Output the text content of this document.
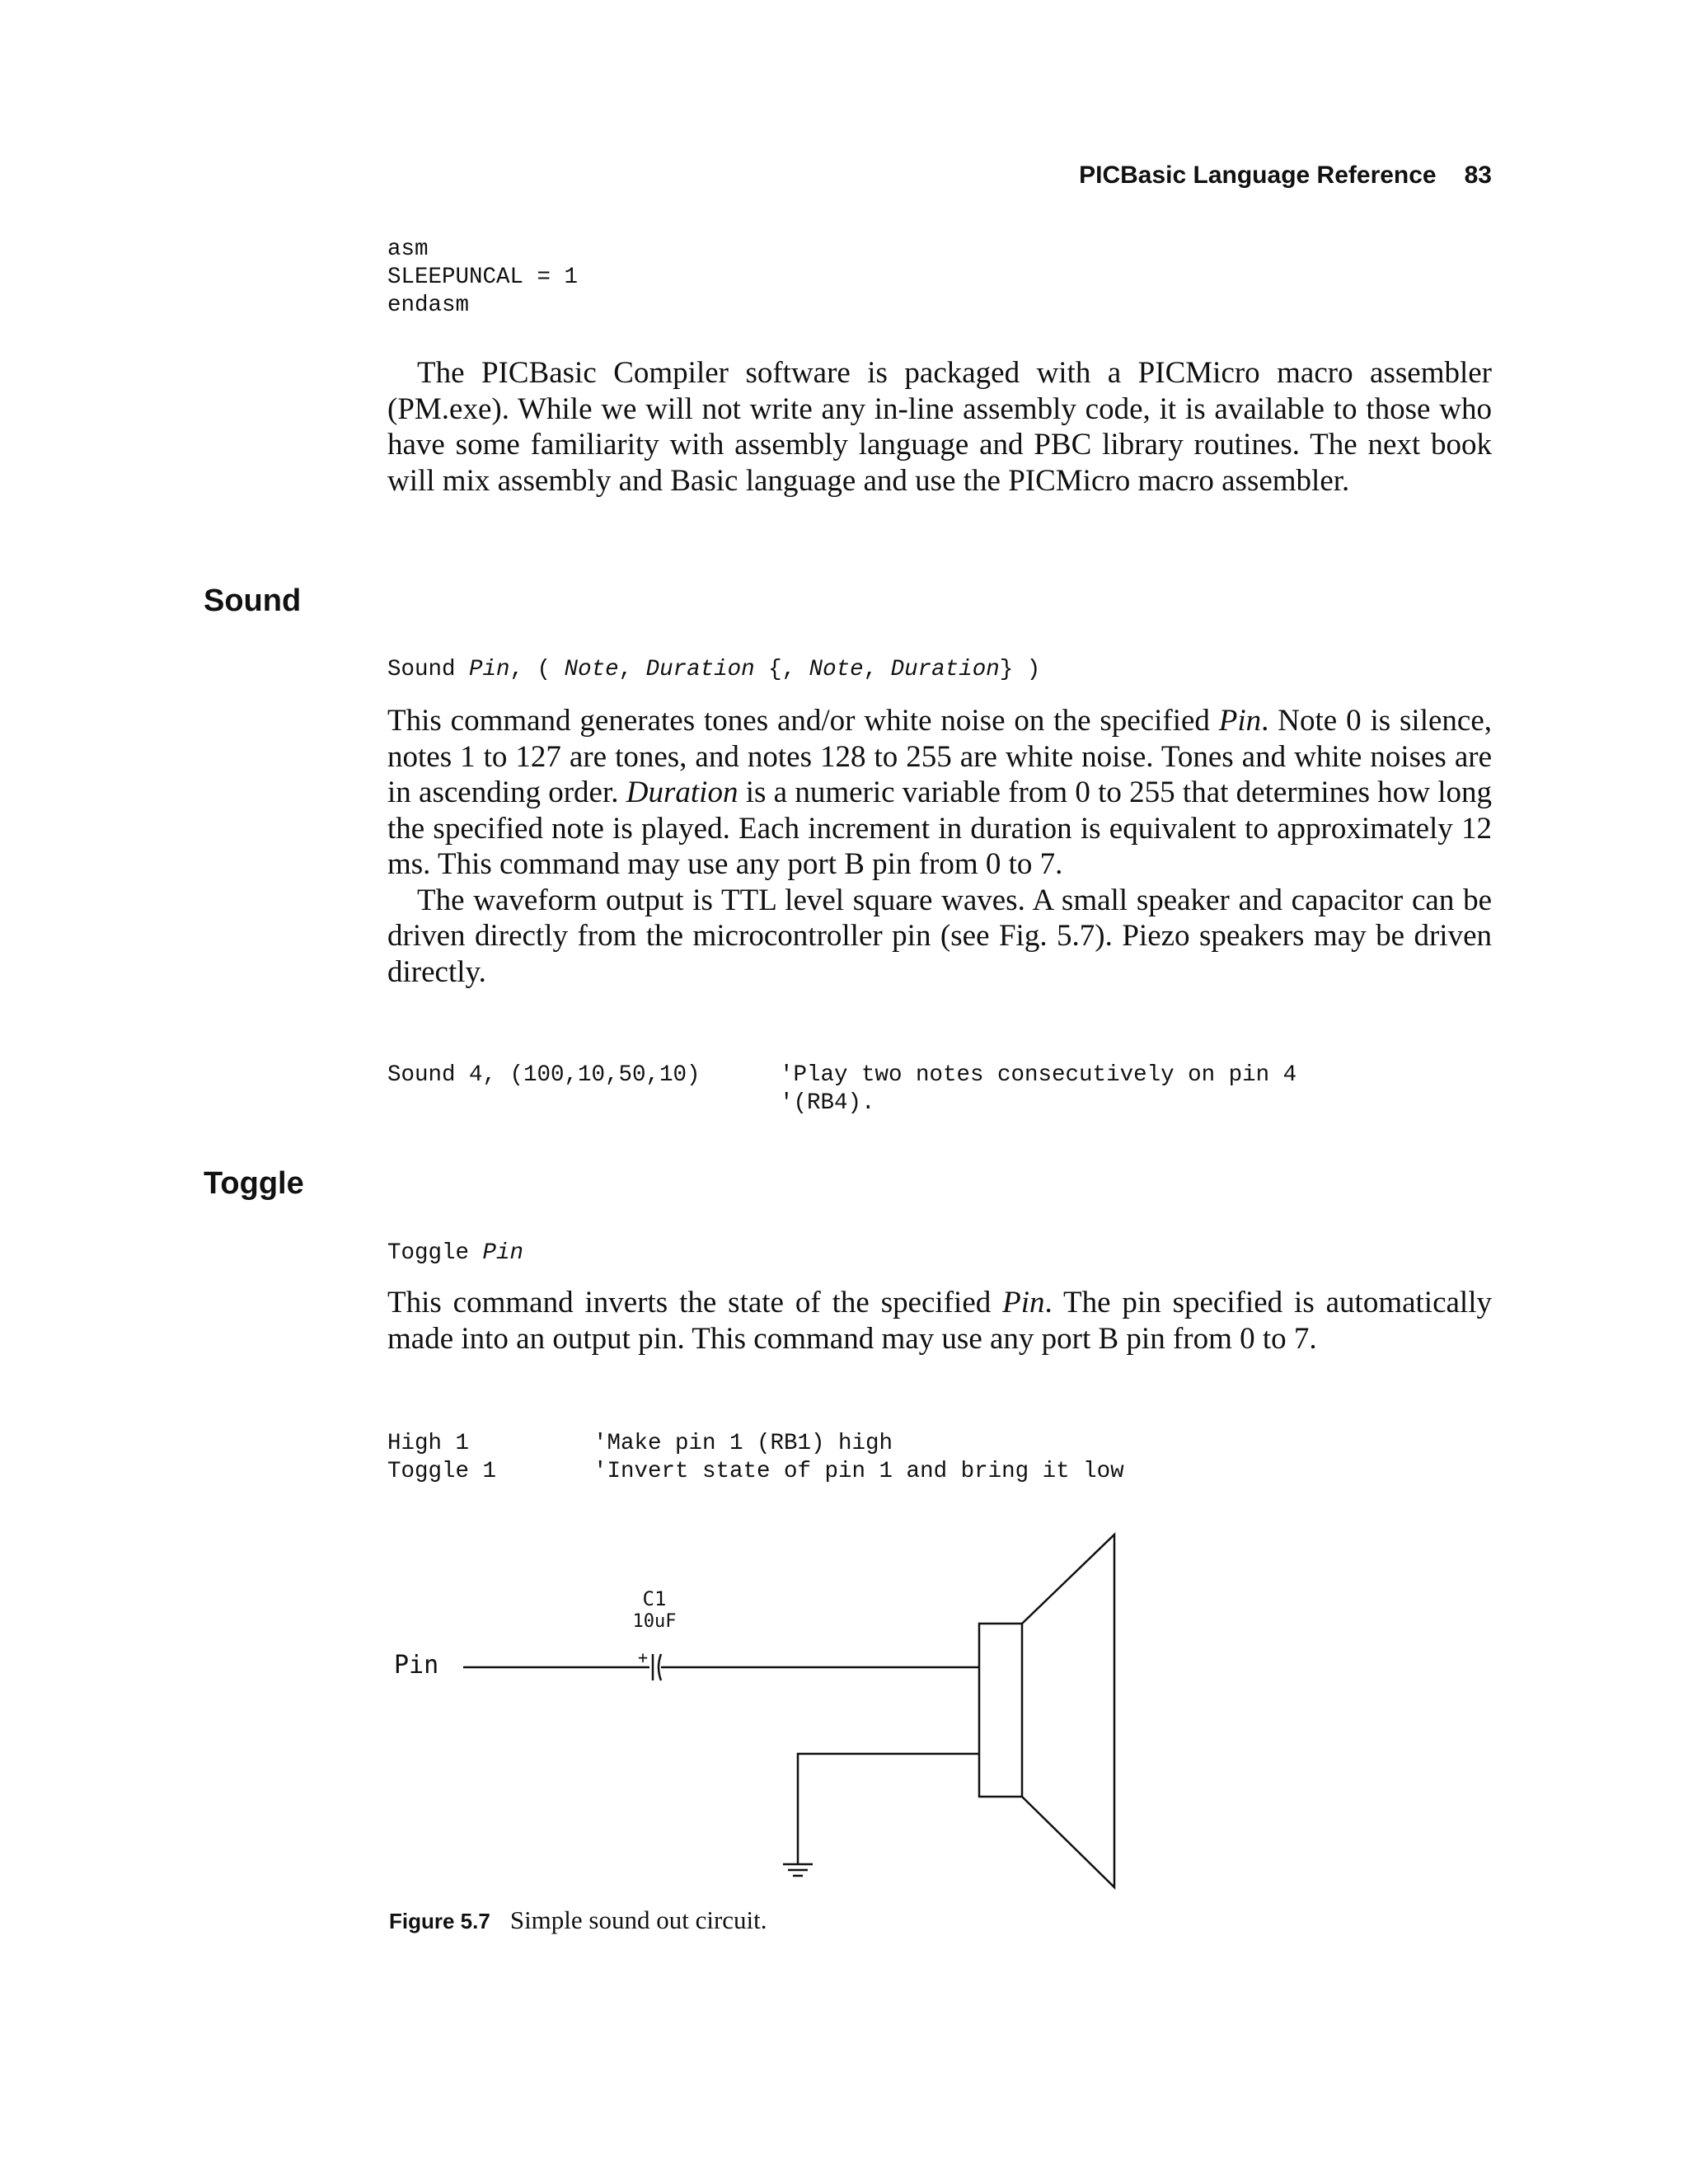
PICBasic Language Reference 83
asm
SLEEPUNCAL = 1
endasm

The PICBasic Compiler software is packaged with a PICMicro macro assembler (PM.exe). While we will not write any in-line assembly code, it is available to those who have some familiarity with assembly language and PBC library routines. The next book will mix assembly and Basic language and use the PICMicro macro assembler.

Sound
Sound Pin, ( Note, Duration {, Note, Duration} )

This command generates tones and/or white noise on the specified Pin. Note 0 is silence, notes 1 to 127 are tones, and notes 128 to 255 are white noise. Tones and white noises are in ascending order. Duration is a numeric variable from 0 to 255 that determines how long the specified note is played. Each increment in duration is equivalent to approximately 12 ms. This command may use any port B pin from 0 to 7.

The waveform output is TTL level square waves. A small speaker and capacitor can be driven directly from the microcontroller pin (see Fig. 5.7). Piezo speakers may be driven directly.

Sound 4, (100,10,50,10)	'Play two notes consecutively on pin 4
'(RB4).
Toggle
Toggle Pin

This command inverts the state of the specified Pin. The pin specified is automatically made into an output pin. This command may use any port B pin from 0 to 7.

High 1
Toggle 1
'Make pin 1 (RB1) high
'Invert state of pin 1 and bring it low
Pin
C1
10uF
+
Figure 5.7 Simple sound out circuit.
